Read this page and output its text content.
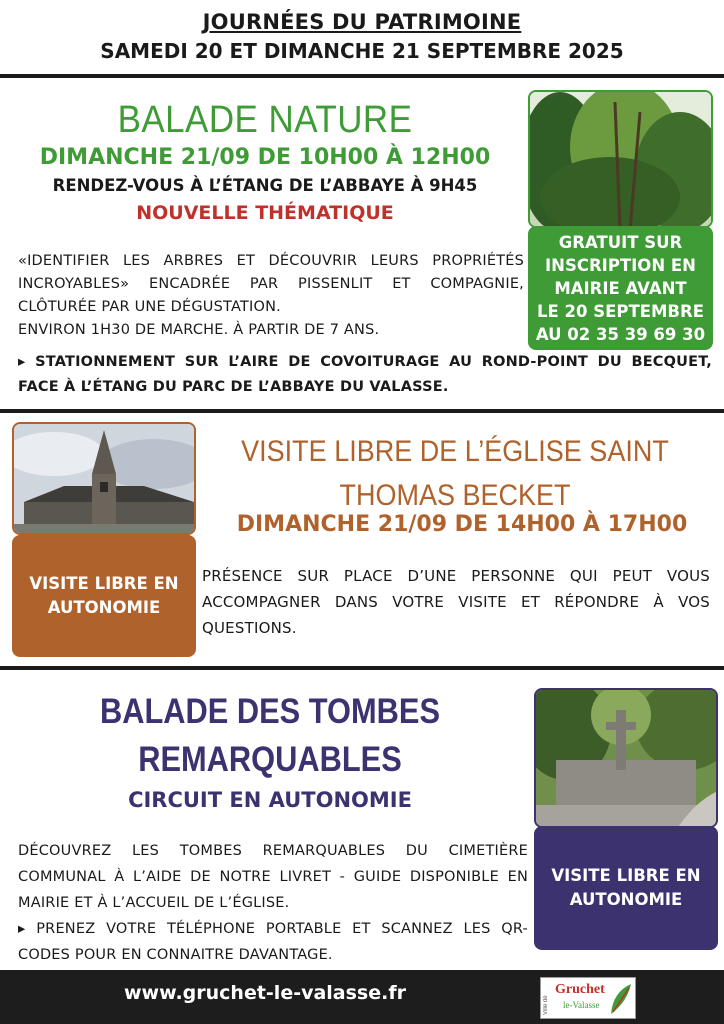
JOURNÉES DU PATRIMOINE
SAMEDI 20 ET DIMANCHE 21 SEPTEMBRE 2025
BALADE NATURE
DIMANCHE 21/09 DE 10H00 À 12H00
RENDEZ-VOUS À L’ÉTANG DE L’ABBAYE À 9H45
NOUVELLE THÉMATIQUE
«IDENTIFIER LES ARBRES ET DÉCOUVRIR LEURS PROPRIÉTÉS INCROYABLES» ENCADRÉE PAR PISSENLIT ET COMPAGNIE, CLÔTURÉE PAR UNE DÉGUSTATION.
ENVIRON 1H30 DE MARCHE. À PARTIR DE 7 ANS.
▸ STATIONNEMENT SUR L’AIRE DE COVOITURAGE AU ROND-POINT DU BECQUET, FACE À L’ÉTANG DU PARC DE L’ABBAYE DU VALASSE.
GRATUIT SUR
INSCRIPTION EN
MAIRIE AVANT
LE 20 SEPTEMBRE
AU 02 35 39 69 30
VISITE LIBRE EN
AUTONOMIE
VISITE LIBRE DE L’ÉGLISE SAINT
THOMAS BECKET
DIMANCHE 21/09 DE 14H00 À 17H00
PRÉSENCE SUR PLACE D’UNE PERSONNE QUI PEUT VOUS ACCOMPAGNER DANS VOTRE VISITE ET RÉPONDRE À VOS QUESTIONS.
BALADE DES TOMBES
REMARQUABLES
CIRCUIT EN AUTONOMIE
DÉCOUVREZ LES TOMBES REMARQUABLES DU CIMETIÈRE COMMUNAL À L’AIDE DE NOTRE LIVRET - GUIDE DISPONIBLE EN MAIRIE ET À L’ACCUEIL DE L’ÉGLISE.
▸ PRENEZ VOTRE TÉLÉPHONE PORTABLE ET SCANNEZ LES QR-CODES POUR EN CONNAITRE DAVANTAGE.
VISITE LIBRE EN
AUTONOMIE
www.gruchet-le-valasse.fr
Ville de
Gruchet
le-Valasse
